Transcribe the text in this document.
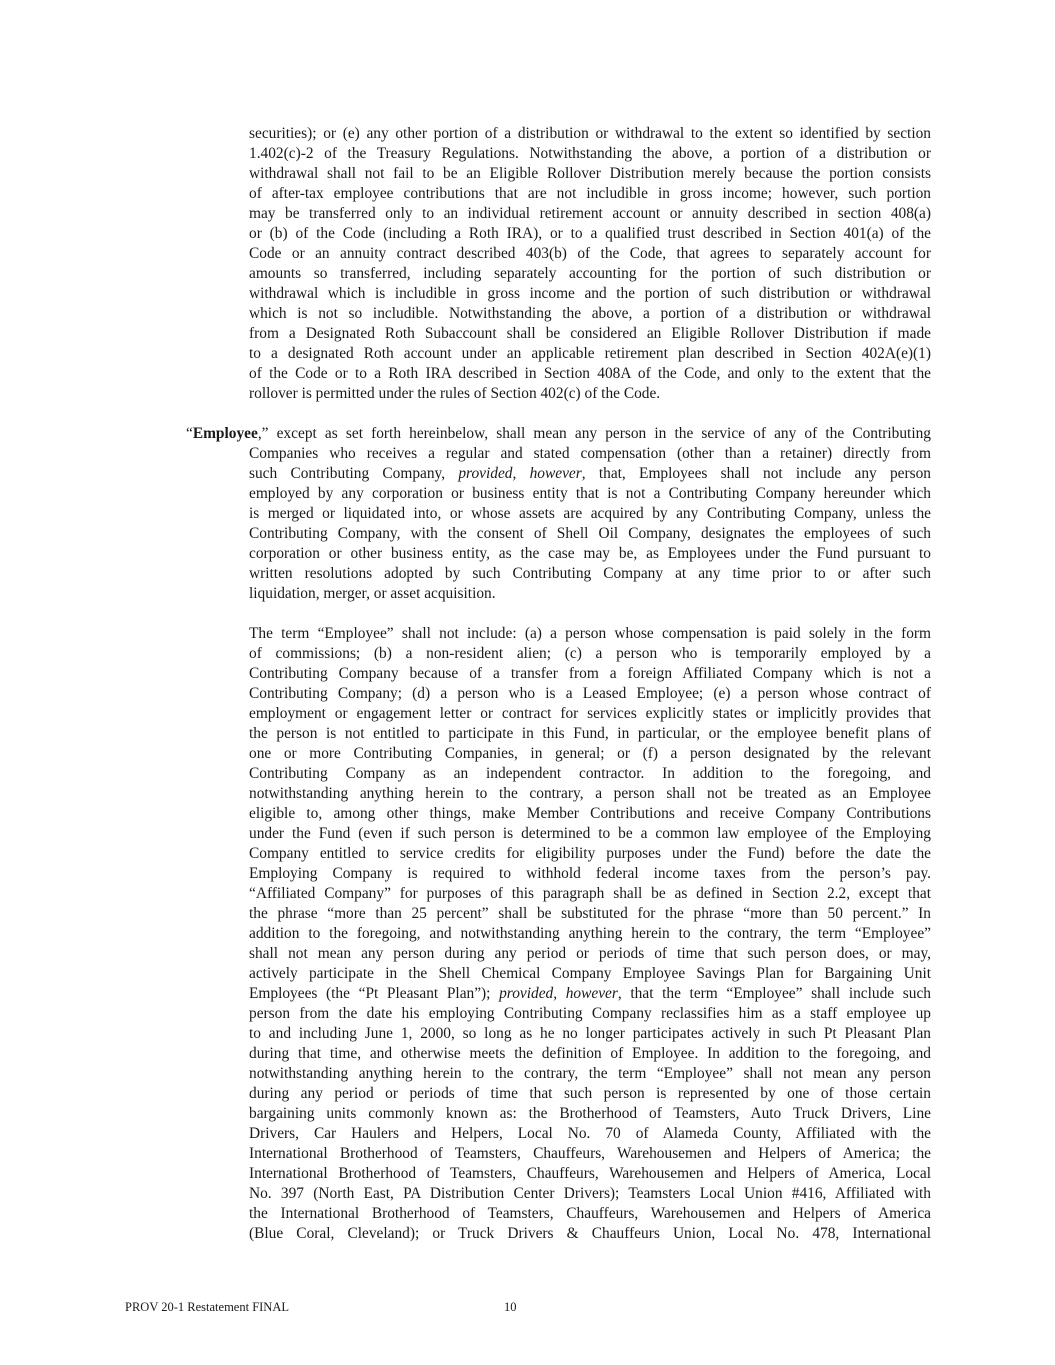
securities); or (e) any other portion of a distribution or withdrawal to the extent so identified by section
1.402(c)-2 of the Treasury Regulations. Notwithstanding the above, a portion of a distribution or
withdrawal shall not fail to be an Eligible Rollover Distribution merely because the portion consists
of after-tax employee contributions that are not includible in gross income; however, such portion
may be transferred only to an individual retirement account or annuity described in section 408(a)
or (b) of the Code (including a Roth IRA), or to a qualified trust described in Section 401(a) of the
Code or an annuity contract described 403(b) of the Code, that agrees to separately account for
amounts so transferred, including separately accounting for the portion of such distribution or
withdrawal which is includible in gross income and the portion of such distribution or withdrawal
which is not so includible. Notwithstanding the above, a portion of a distribution or withdrawal
from a Designated Roth Subaccount shall be considered an Eligible Rollover Distribution if made
to a designated Roth account under an applicable retirement plan described in Section 402A(e)(1)
of the Code or to a Roth IRA described in Section 408A of the Code, and only to the extent that the
rollover is permitted under the rules of Section 402(c) of the Code.
“Employee,” except as set forth hereinbelow, shall mean any person in the service of any of the Contributing
Companies who receives a regular and stated compensation (other than a retainer) directly from
such Contributing Company, provided, however, that, Employees shall not include any person
employed by any corporation or business entity that is not a Contributing Company hereunder which
is merged or liquidated into, or whose assets are acquired by any Contributing Company, unless the
Contributing Company, with the consent of Shell Oil Company, designates the employees of such
corporation or other business entity, as the case may be, as Employees under the Fund pursuant to
written resolutions adopted by such Contributing Company at any time prior to or after such
liquidation, merger, or asset acquisition.
The term “Employee” shall not include: (a) a person whose compensation is paid solely in the form
of commissions; (b) a non-resident alien; (c) a person who is temporarily employed by a
Contributing Company because of a transfer from a foreign Affiliated Company which is not a
Contributing Company; (d) a person who is a Leased Employee; (e) a person whose contract of
employment or engagement letter or contract for services explicitly states or implicitly provides that
the person is not entitled to participate in this Fund, in particular, or the employee benefit plans of
one or more Contributing Companies, in general; or (f) a person designated by the relevant
Contributing Company as an independent contractor. In addition to the foregoing, and
notwithstanding anything herein to the contrary, a person shall not be treated as an Employee
eligible to, among other things, make Member Contributions and receive Company Contributions
under the Fund (even if such person is determined to be a common law employee of the Employing
Company entitled to service credits for eligibility purposes under the Fund) before the date the
Employing Company is required to withhold federal income taxes from the person’s pay.
“Affiliated Company” for purposes of this paragraph shall be as defined in Section 2.2, except that
the phrase “more than 25 percent” shall be substituted for the phrase “more than 50 percent.” In
addition to the foregoing, and notwithstanding anything herein to the contrary, the term “Employee”
shall not mean any person during any period or periods of time that such person does, or may,
actively participate in the Shell Chemical Company Employee Savings Plan for Bargaining Unit
Employees (the “Pt Pleasant Plan”); provided, however, that the term “Employee” shall include such
person from the date his employing Contributing Company reclassifies him as a staff employee up
to and including June 1, 2000, so long as he no longer participates actively in such Pt Pleasant Plan
during that time, and otherwise meets the definition of Employee. In addition to the foregoing, and
notwithstanding anything herein to the contrary, the term “Employee” shall not mean any person
during any period or periods of time that such person is represented by one of those certain
bargaining units commonly known as: the Brotherhood of Teamsters, Auto Truck Drivers, Line
Drivers, Car Haulers and Helpers, Local No. 70 of Alameda County, Affiliated with the
International Brotherhood of Teamsters, Chauffeurs, Warehousemen and Helpers of America; the
International Brotherhood of Teamsters, Chauffeurs, Warehousemen and Helpers of America, Local
No. 397 (North East, PA Distribution Center Drivers); Teamsters Local Union #416, Affiliated with
the International Brotherhood of Teamsters, Chauffeurs, Warehousemen and Helpers of America
(Blue Coral, Cleveland); or Truck Drivers & Chauffeurs Union, Local No. 478, International
PROV 20-1 Restatement FINAL	10
